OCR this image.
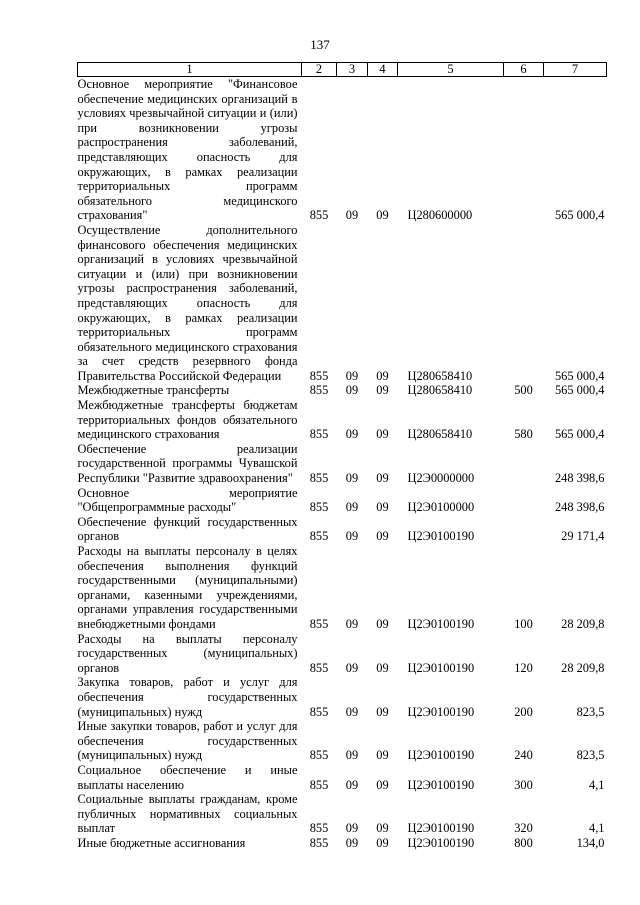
137
1	2	3	4	5	6	7
Основное мероприятие "Финансовое обеспечение медицинских организаций в условиях чрезвычайной ситуации и (или) при возникновении угрозы распространения заболеваний, представляющих опасность для окружающих, в рамках реализации территориальных программ обязательного медицинского страхования"	855	09	09	Ц280600000		565 000,4
Осуществление дополнительного финансового обеспечения медицинских организаций в условиях чрезвычайной ситуации и (или) при возникновении угрозы распространения заболеваний, представляющих опасность для окружающих, в рамках реализации территориальных программ обязательного медицинского страхования за счет средств резервного фонда Правительства Российской Федерации	855	09	09	Ц280658410		565 000,4
Межбюджетные трансферты	855	09	09	Ц280658410	500	565 000,4
Межбюджетные трансферты бюджетам территориальных фондов обязательного медицинского страхования	855	09	09	Ц280658410	580	565 000,4
Обеспечение реализации государственной программы Чувашской Республики "Развитие здравоохранения"	855	09	09	Ц2Э0000000		248 398,6
Основное мероприятие "Общепрограммные расходы"	855	09	09	Ц2Э0100000		248 398,6
Обеспечение функций государственных органов	855	09	09	Ц2Э0100190		29 171,4
Расходы на выплаты персоналу в целях обеспечения выполнения функций государственными (муниципальными) органами, казенными учреждениями, органами управления государственными внебюджетными фондами	855	09	09	Ц2Э0100190	100	28 209,8
Расходы на выплаты персоналу государственных (муниципальных) органов	855	09	09	Ц2Э0100190	120	28 209,8
Закупка товаров, работ и услуг для обеспечения государственных (муниципальных) нужд	855	09	09	Ц2Э0100190	200	823,5
Иные закупки товаров, работ и услуг для обеспечения государственных (муниципальных) нужд	855	09	09	Ц2Э0100190	240	823,5
Социальное обеспечение и иные выплаты населению	855	09	09	Ц2Э0100190	300	4,1
Социальные выплаты гражданам, кроме публичных нормативных социальных выплат	855	09	09	Ц2Э0100190	320	4,1
Иные бюджетные ассигнования	855	09	09	Ц2Э0100190	800	134,0
